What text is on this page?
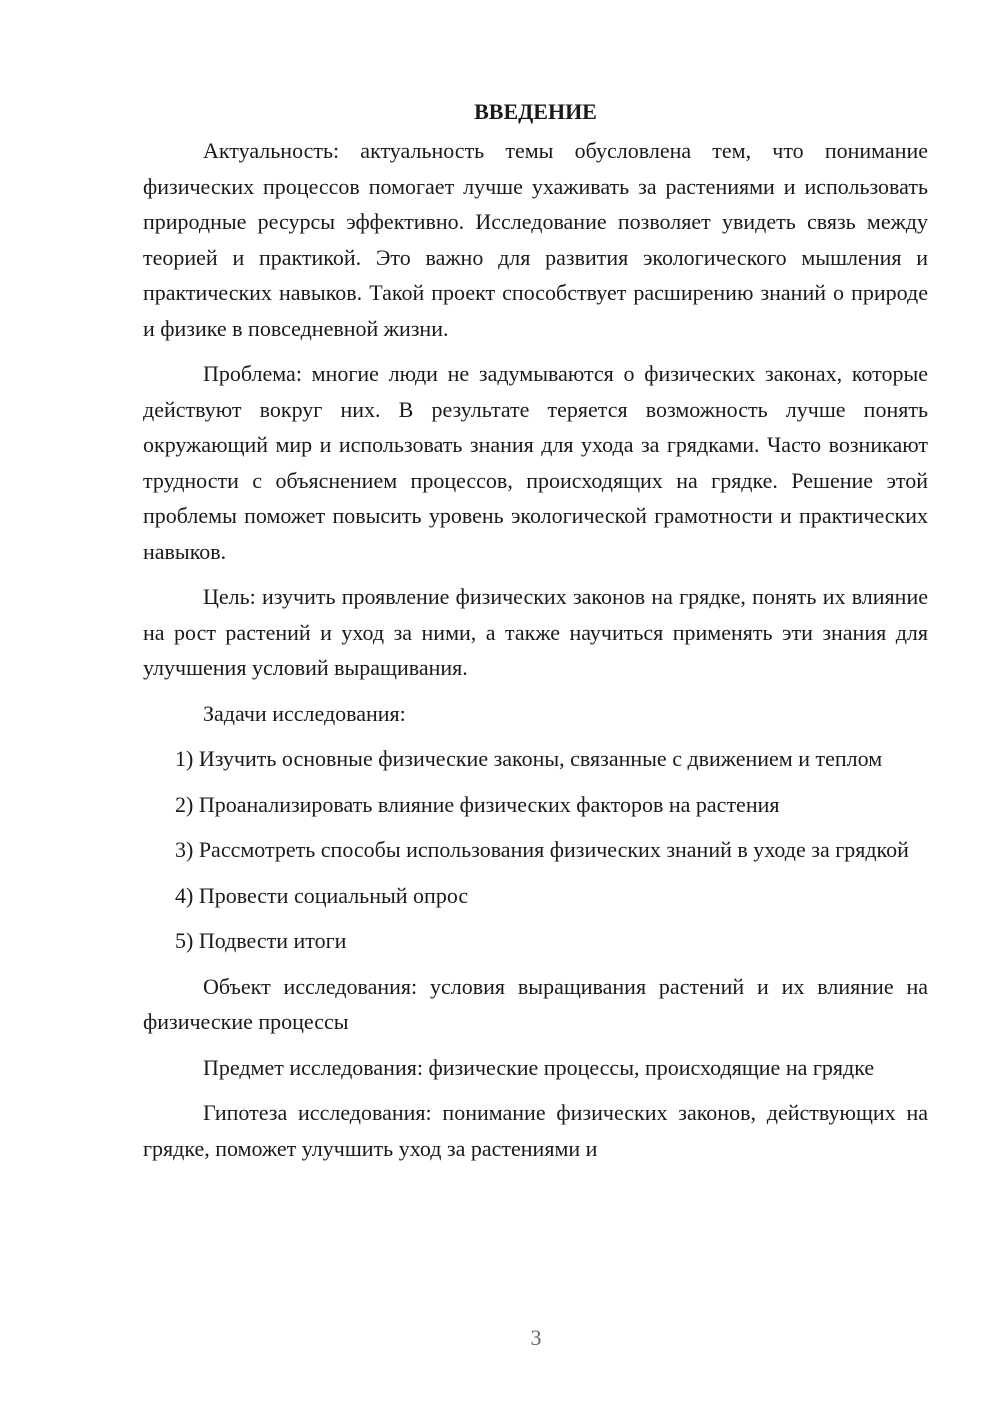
ВВЕДЕНИЕ

Актуальность: актуальность темы обусловлена тем, что понимание физических процессов помогает лучше ухаживать за растениями и использовать природные ресурсы эффективно. Исследование позволяет увидеть связь между теорией и практикой. Это важно для развития экологического мышления и практических навыков. Такой проект способствует расширению знаний о природе и физике в повседневной жизни.

Проблема: многие люди не задумываются о физических законах, которые действуют вокруг них. В результате теряется возможность лучше понять окружающий мир и использовать знания для ухода за грядками. Часто возникают трудности с объяснением процессов, происходящих на грядке. Решение этой проблемы поможет повысить уровень экологической грамотности и практических навыков.

Цель: изучить проявление физических законов на грядке, понять их влияние на рост растений и уход за ними, а также научиться применять эти знания для улучшения условий выращивания.

Задачи исследования:

1) Изучить основные физические законы, связанные с движением и теплом

2) Проанализировать влияние физических факторов на растения

3) Рассмотреть способы использования физических знаний в уходе за грядкой

4) Провести социальный опрос

5) Подвести итоги

Объект исследования: условия выращивания растений и их влияние на физические процессы

Предмет исследования: физические процессы, происходящие на грядке

Гипотеза исследования: понимание физических законов, действующих на грядке, поможет улучшить уход за растениями и

3
